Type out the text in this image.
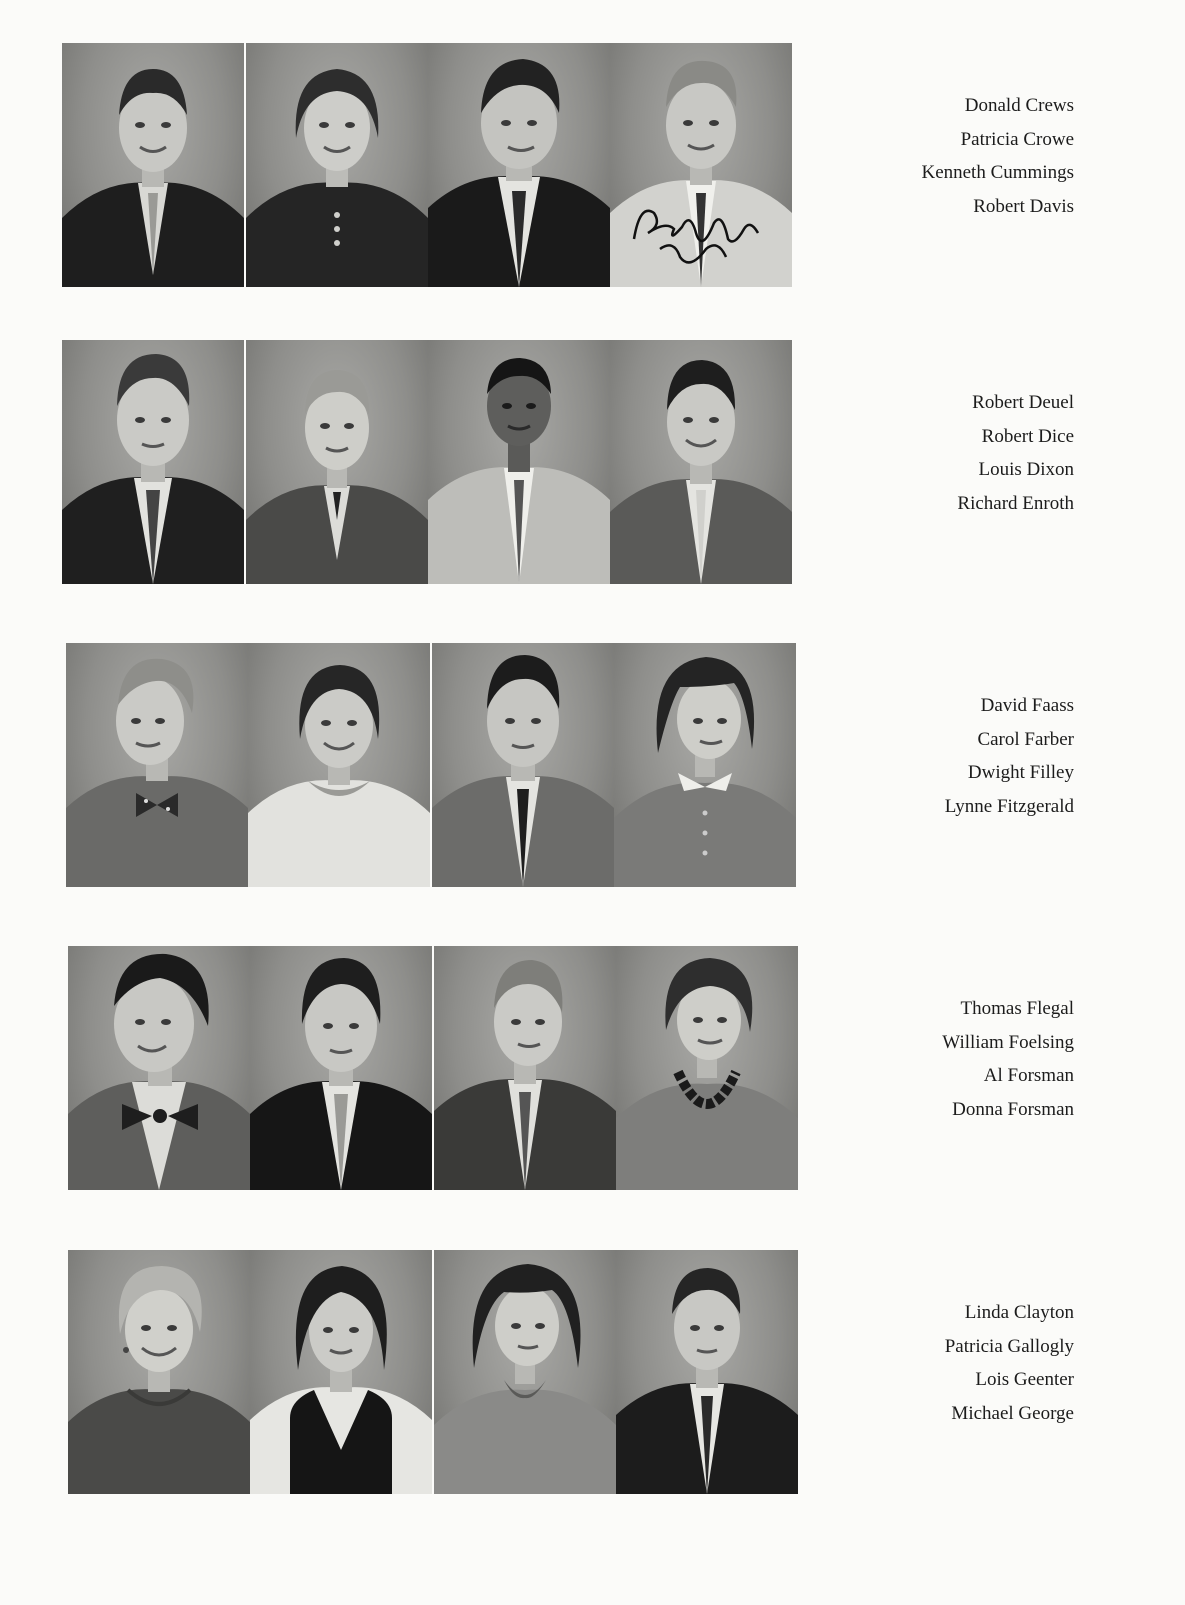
Donald Crews
Patricia Crowe
Kenneth Cummings
Robert Davis
Robert Deuel
Robert Dice
Louis Dixon
Richard Enroth
David Faass
Carol Farber
Dwight Filley
Lynne Fitzgerald
Thomas Flegal
William Foelsing
Al Forsman
Donna Forsman
Linda Clayton
Patricia Gallogly
Lois Geenter
Michael George
